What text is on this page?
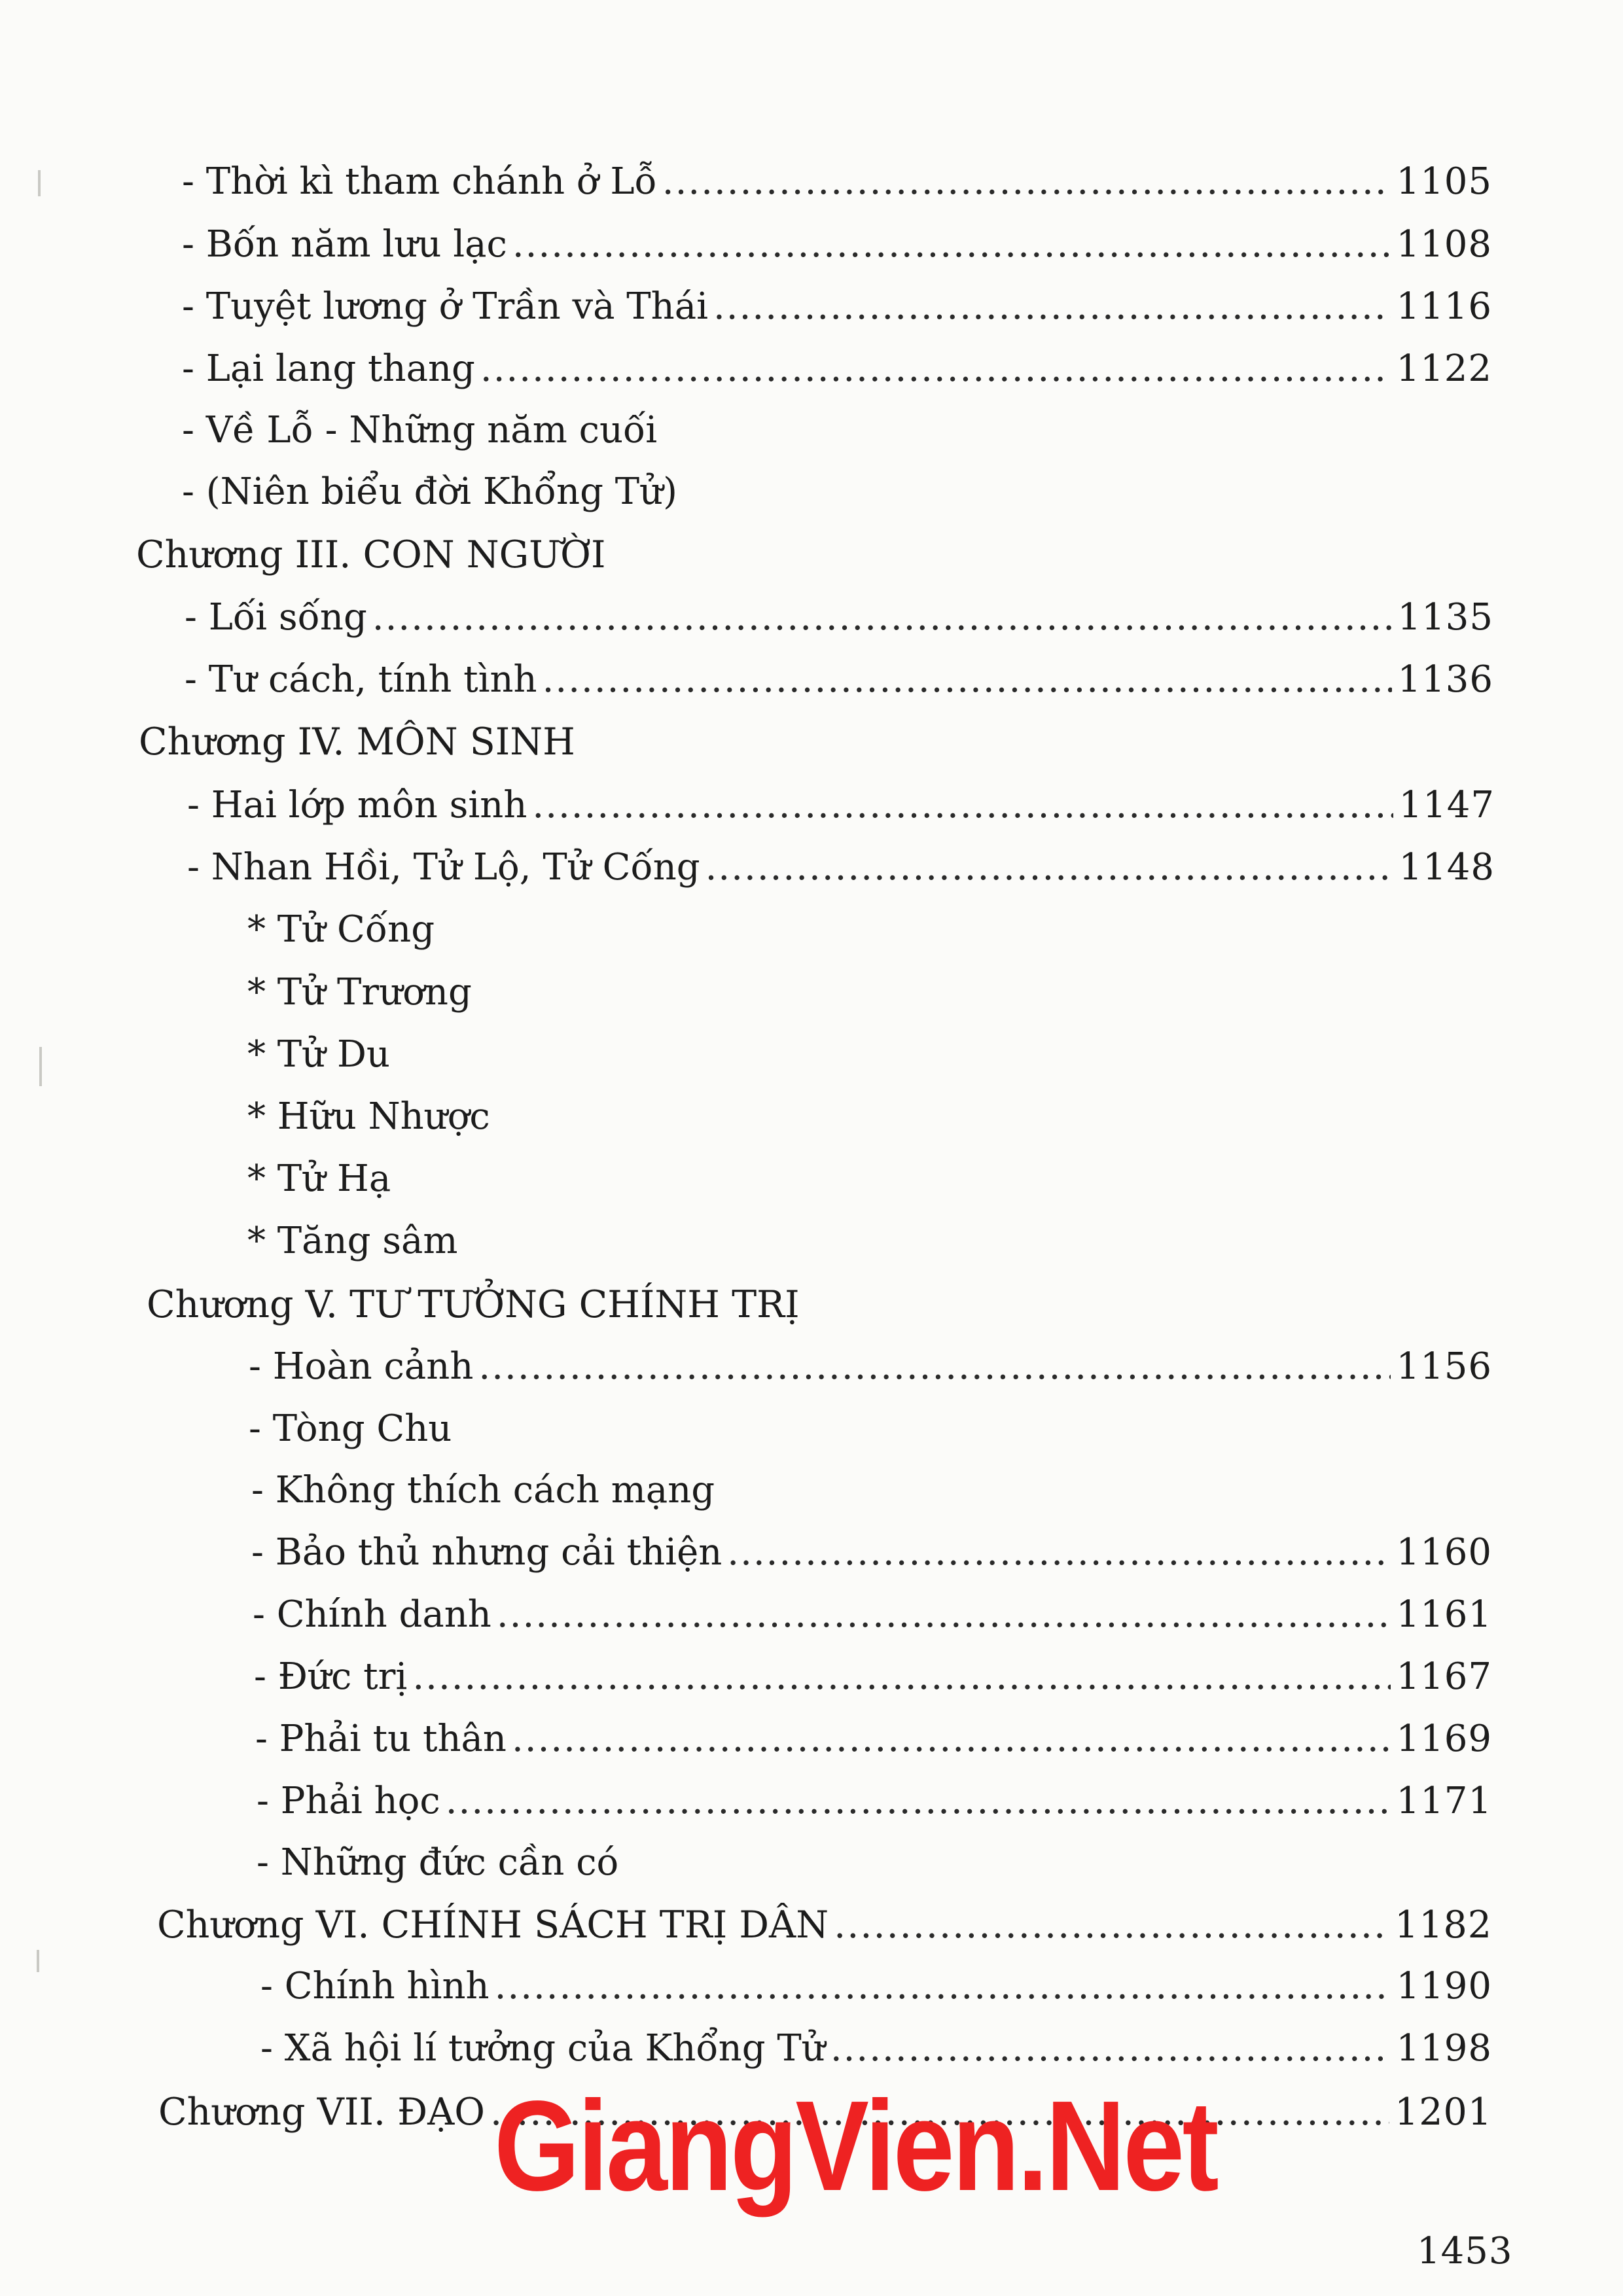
- Thời kì tham chánh ở Lỗ .....	1105
- Bốn năm lưu lạc .....	1108
- Tuyệt lương ở Trần và Thái .....	1116
- Lại lang thang .....	1122
- Về Lỗ - Những năm cuối
- (Niên biểu đời Khổng Tử)
Chương III. CON NGƯỜI
- Lối sống .....	1135
- Tư cách, tính tình .....	1136
Chương IV. MÔN SINH
- Hai lớp môn sinh .....	1147
- Nhan Hồi, Tử Lộ, Tử Cống .....	1148
* Tử Cống
* Tử Trương
* Tử Du
* Hữu Nhược
* Tử Hạ
* Tăng sâm
Chương V. TƯ TƯỞNG CHÍNH TRỊ
- Hoàn cảnh .....	1156
- Tòng Chu
- Không thích cách mạng
- Bảo thủ nhưng cải thiện .....	1160
- Chính danh .....	1161
- Đức trị .....	1167
- Phải tu thân .....	1169
- Phải học .....	1171
- Những đức cần có
Chương VI. CHÍNH SÁCH TRỊ DÂN .....	1182
- Chính hình .....	1190
- Xã hội lí tưởng của Khổng Tử .....	1198
Chương VII. ĐẠO .....	1201
GiangVien.Net
1453
